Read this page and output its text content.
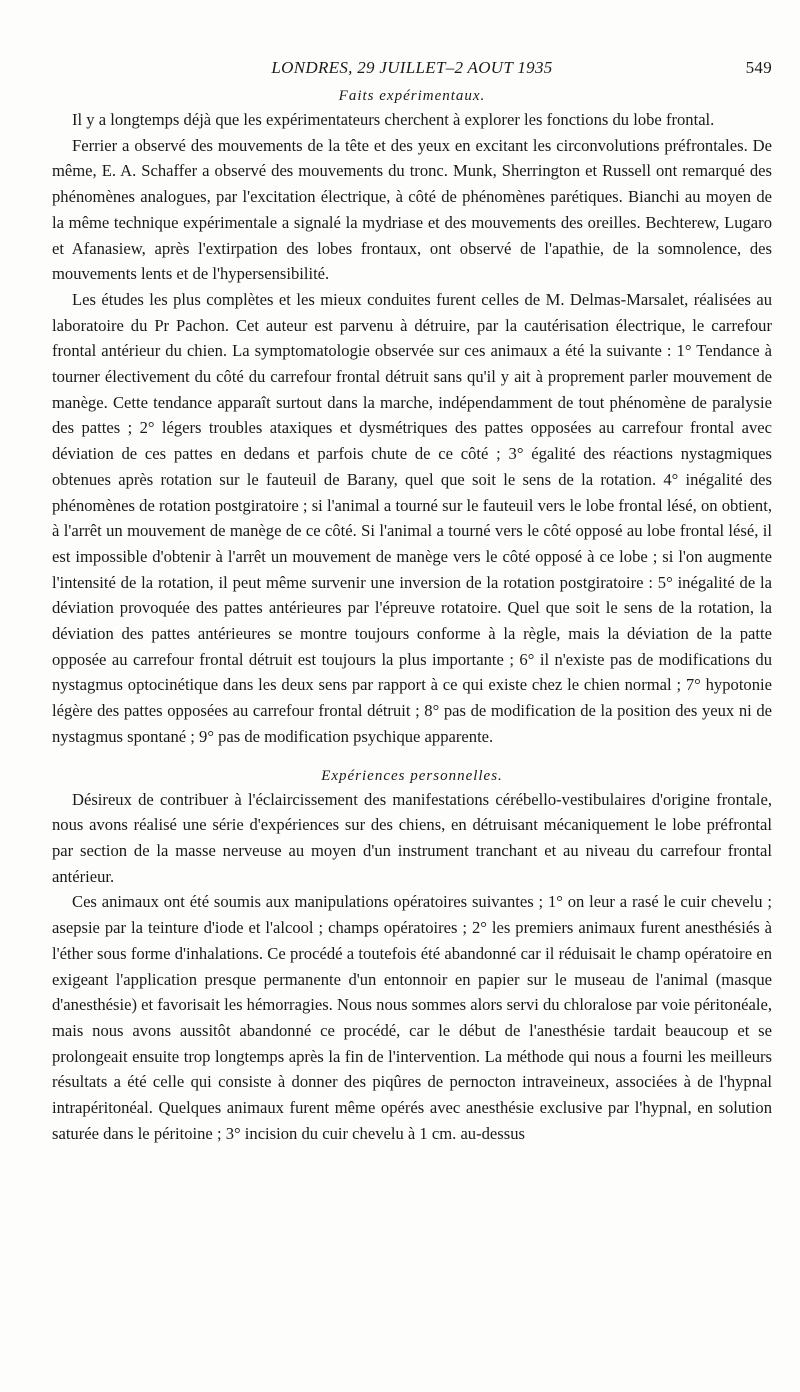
LONDRES, 29 JUILLET–2 AOUT 1935	549
Faits expérimentaux.

Il y a longtemps déjà que les expérimentateurs cherchent à explorer les fonctions du lobe frontal.

Ferrier a observé des mouvements de la tête et des yeux en excitant les circonvolutions préfrontales. De même, E. A. Schaffer a observé des mouvements du tronc. Munk, Sherrington et Russell ont remarqué des phénomènes analogues, par l'excitation électrique, à côté de phénomènes parétiques. Bianchi au moyen de la même technique expérimentale a signalé la mydriase et des mouvements des oreilles. Bechterew, Lugaro et Afanasiew, après l'extirpation des lobes frontaux, ont observé de l'apathie, de la somnolence, des mouvements lents et de l'hypersensibilité.

Les études les plus complètes et les mieux conduites furent celles de M. Delmas-Marsalet, réalisées au laboratoire du Pr Pachon. Cet auteur est parvenu à détruire, par la cautérisation électrique, le carrefour frontal antérieur du chien. La symptomatologie observée sur ces animaux a été la suivante : 1° Tendance à tourner électivement du côté du carrefour frontal détruit sans qu'il y ait à proprement parler mouvement de manège. Cette tendance apparaît surtout dans la marche, indépendamment de tout phénomène de paralysie des pattes ; 2° légers troubles ataxiques et dysmétriques des pattes opposées au carrefour frontal avec déviation de ces pattes en dedans et parfois chute de ce côté ; 3° égalité des réactions nystagmiques obtenues après rotation sur le fauteuil de Barany, quel que soit le sens de la rotation. 4° inégalité des phénomènes de rotation postgiratoire ; si l'animal a tourné sur le fauteuil vers le lobe frontal lésé, on obtient, à l'arrêt un mouvement de manège de ce côté. Si l'animal a tourné vers le côté opposé au lobe frontal lésé, il est impossible d'obtenir à l'arrêt un mouvement de manège vers le côté opposé à ce lobe ; si l'on augmente l'intensité de la rotation, il peut même survenir une inversion de la rotation postgiratoire : 5° inégalité de la déviation provoquée des pattes antérieures par l'épreuve rotatoire. Quel que soit le sens de la rotation, la déviation des pattes antérieures se montre toujours conforme à la règle, mais la déviation de la patte opposée au carrefour frontal détruit est toujours la plus importante ; 6° il n'existe pas de modifications du nystagmus optocinétique dans les deux sens par rapport à ce qui existe chez le chien normal ; 7° hypotonie légère des pattes opposées au carrefour frontal détruit ; 8° pas de modification de la position des yeux ni de nystagmus spontané ; 9° pas de modification psychique apparente.

Expériences personnelles.

Désireux de contribuer à l'éclaircissement des manifestations cérébello-vestibulaires d'origine frontale, nous avons réalisé une série d'expériences sur des chiens, en détruisant mécaniquement le lobe préfrontal par section de la masse nerveuse au moyen d'un instrument tranchant et au niveau du carrefour frontal antérieur.

Ces animaux ont été soumis aux manipulations opératoires suivantes ; 1° on leur a rasé le cuir chevelu ; asepsie par la teinture d'iode et l'alcool ; champs opératoires ; 2° les premiers animaux furent anesthésiés à l'éther sous forme d'inhalations. Ce procédé a toutefois été abandonné car il réduisait le champ opératoire en exigeant l'application presque permanente d'un entonnoir en papier sur le museau de l'animal (masque d'anesthésie) et favorisait les hémorragies. Nous nous sommes alors servi du chloralose par voie péritonéale, mais nous avons aussitôt abandonné ce procédé, car le début de l'anesthésie tardait beaucoup et se prolongeait ensuite trop longtemps après la fin de l'intervention. La méthode qui nous a fourni les meilleurs résultats a été celle qui consiste à donner des piqûres de pernocton intraveineux, associées à de l'hypnal intrapéritonéal. Quelques animaux furent même opérés avec anesthésie exclusive par l'hypnal, en solution saturée dans le péritoine ; 3° incision du cuir chevelu à 1 cm. au-dessus
